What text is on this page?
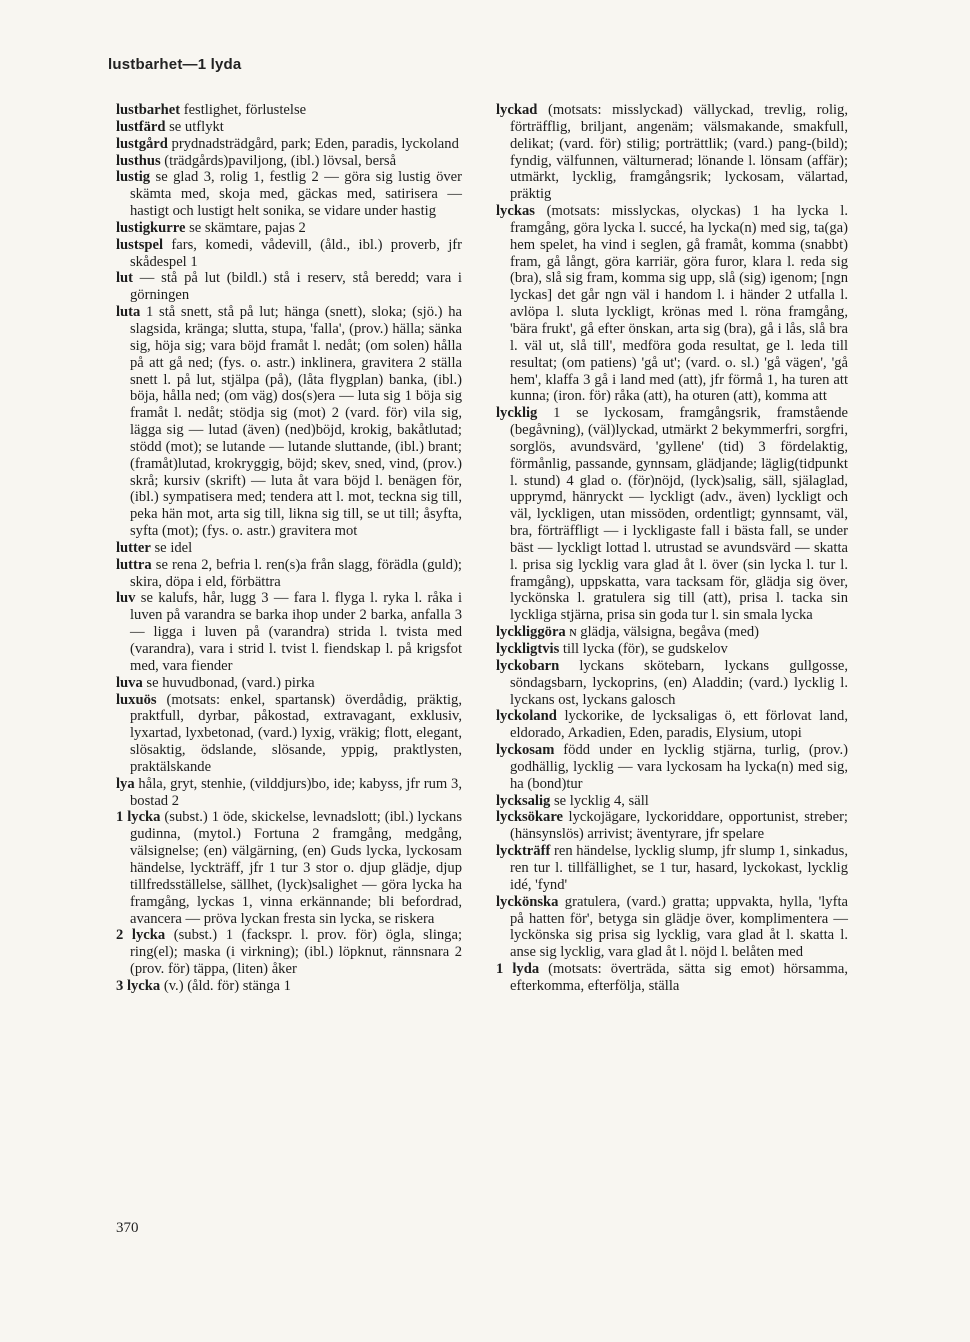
lustbarhet—1 lyda

lustbarhet festlighet, förlustelse

lustfärd se utflykt

lustgård prydnadsträdgård, park; Eden, paradis, lyckoland

lusthus (trädgårds)paviljong, (ibl.) lövsal, berså

lustig se glad 3, rolig 1, festlig 2 — göra sig lustig över skämta med, skoja med, gäckas med, satirisera — hastigt och lustigt helt sonika, se vidare under hastig

lustigkurre se skämtare, pajas 2

lustspel fars, komedi, vådevill, (åld., ibl.) proverb, jfr skådespel 1

lut — stå på lut (bildl.) stå i reserv, stå beredd; vara i görningen

luta 1 stå snett, stå på lut; hänga (snett), sloka; (sjö.) ha slagsida, kränga; slutta, stupa, 'falla', (prov.) hälla; sänka sig, höja sig; vara böjd framåt l. nedåt; (om solen) hålla på att gå ned; (fys. o. astr.) inklinera, gravitera 2 ställa snett l. på lut, stjälpa (på), (låta flygplan) banka, (ibl.) böja, hålla ned; (om väg) dos(s)era — luta sig 1 böja sig framåt l. nedåt; stödja sig (mot) 2 (vard. för) vila sig, lägga sig — lutad (även) (ned)böjd, krokig, bakåtlutad; stödd (mot); se lutande — lutande sluttande, (ibl.) brant; (framåt)lutad, krokryggig, böjd; skev, sned, vind, (prov.) skrå; kursiv (skrift) — luta åt vara böjd l. benägen för, (ibl.) sympatisera med; tendera att l. mot, teckna sig till, peka hän mot, arta sig till, likna sig till, se ut till; åsyfta, syfta (mot); (fys. o. astr.) gravitera mot

lutter se idel

luttra se rena 2, befria l. ren(s)a från slagg, förädla (guld); skira, döpa i eld, förbättra

luv se kalufs, hår, lugg 3 — fara l. flyga l. ryka l. råka i luven på varandra se barka ihop under 2 barka, anfalla 3 — ligga i luven på (varandra) strida l. tvista med (varandra), vara i strid l. tvist l. fiendskap l. på krigsfot med, vara fiender

luva se huvudbonad, (vard.) pirka

luxuös (motsats: enkel, spartansk) överdådig, präktig, praktfull, dyrbar, påkostad, extravagant, exklusiv, lyxartad, lyxbetonad, (vard.) lyxig, vräkig; flott, elegant, slösaktig, ödslande, slösande, yppig, praktlysten, praktälskande

lya håla, gryt, stenhie, (vilddjurs)bo, ide; kabyss, jfr rum 3, bostad 2

1 lycka (subst.) 1 öde, skickelse, levnadslott; (ibl.) lyckans gudinna, (mytol.) Fortuna 2 framgång, medgång, välsignelse; (en) välgärning, (en) Guds lycka, lyckosam händelse, lyckträff, jfr 1 tur 3 stor o. djup glädje, djup tillfredsställelse, sällhet, (lyck)salighet — göra lycka ha framgång, lyckas 1, vinna erkännande; bli befordrad, avancera — pröva lyckan fresta sin lycka, se riskera

2 lycka (subst.) 1 (fackspr. l. prov. för) ögla, slinga; ring(el); maska (i virkning); (ibl.) löpknut, rännsnara 2 (prov. för) täppa, (liten) åker

3 lycka (v.) (åld. för) stänga 1

lyckad (motsats: misslyckad) vällyckad, trevlig, rolig, förträfflig, briljant, angenäm; välsmakande, smakfull, delikat; (vard. för) stilig; porträttlik; (vard.) pang-(bild); fyndig, välfunnen, välturnerad; lönande l. lönsam (affär); utmärkt, lycklig, framgångsrik; lyckosam, välartad, präktig

lyckas (motsats: misslyckas, olyckas) 1 ha lycka l. framgång, göra lycka l. succé, ha lycka(n) med sig, ta(ga) hem spelet, ha vind i seglen, gå framåt, komma (snabbt) fram, gå långt, göra karriär, göra furor, klara l. reda sig (bra), slå sig fram, komma sig upp, slå (sig) igenom; [ngn lyckas] det går ngn väl i handom l. i händer 2 utfalla l. avlöpa l. sluta lyckligt, krönas med l. röna framgång, 'bära frukt', gå efter önskan, arta sig (bra), gå i lås, slå bra l. väl ut, slå till', medföra goda resultat, ge l. leda till resultat; (om patiens) 'gå ut'; (vard. o. sl.) 'gå vägen', 'gå hem', klaffa 3 gå i land med (att), jfr förmå 1, ha turen att kunna; (iron. för) råka (att), ha oturen (att), komma att

lycklig 1 se lyckosam, framgångsrik, framstående (begåvning), (väl)lyckad, utmärkt 2 bekymmerfri, sorgfri, sorglös, avundsvärd, 'gyllene' (tid) 3 fördelaktig, förmånlig, passande, gynnsam, glädjande; läglig(tidpunkt l. stund) 4 glad o. (för)nöjd, (lyck)salig, säll, själaglad, upprymd, hänryckt — lyckligt (adv., även) lyckligt och väl, lyckligen, utan missöden, ordentligt; gynnsamt, väl, bra, förträffligt — i lyckligaste fall i bästa fall, se under bäst — lyckligt lottad l. utrustad se avundsvärd — skatta l. prisa sig lycklig vara glad åt l. över (sin lycka l. tur l. framgång), uppskatta, vara tacksam för, glädja sig över, lyckönska l. gratulera sig till (att), prisa l. tacka sin lyckliga stjärna, prisa sin goda tur l. sin smala lycka

lyckliggöra ɴ glädja, välsigna, begåva (med)

lyckligtvis till lycka (för), se gudskelov

lyckobarn lyckans skötebarn, lyckans gullgosse, söndagsbarn, lyckoprins, (en) Aladdin; (vard.) lycklig l. lyckans ost, lyckans galosch

lyckoland lyckorike, de lycksaligas ö, ett förlovat land, eldorado, Arkadien, Eden, paradis, Elysium, utopi

lyckosam född under en lycklig stjärna, turlig, (prov.) godhällig, lycklig — vara lyckosam ha lycka(n) med sig, ha (bond)tur

lycksalig se lycklig 4, säll

lycksökare lyckojägare, lyckoriddare, opportunist, streber; (hänsynslös) arrivist; äventyrare, jfr spelare

lyckträff ren händelse, lycklig slump, jfr slump 1, sinkadus, ren tur l. tillfällighet, se 1 tur, hasard, lyckokast, lycklig idé, 'fynd'

lyckönska gratulera, (vard.) gratta; uppvakta, hylla, 'lyfta på hatten för', betyga sin glädje över, komplimentera — lyckönska sig prisa sig lycklig, vara glad åt l. skatta l. anse sig lycklig, vara glad åt l. nöjd l. belåten med

1 lyda (motsats: överträda, sätta sig emot) hörsamma, efterkomma, efterfölja, ställa

370
